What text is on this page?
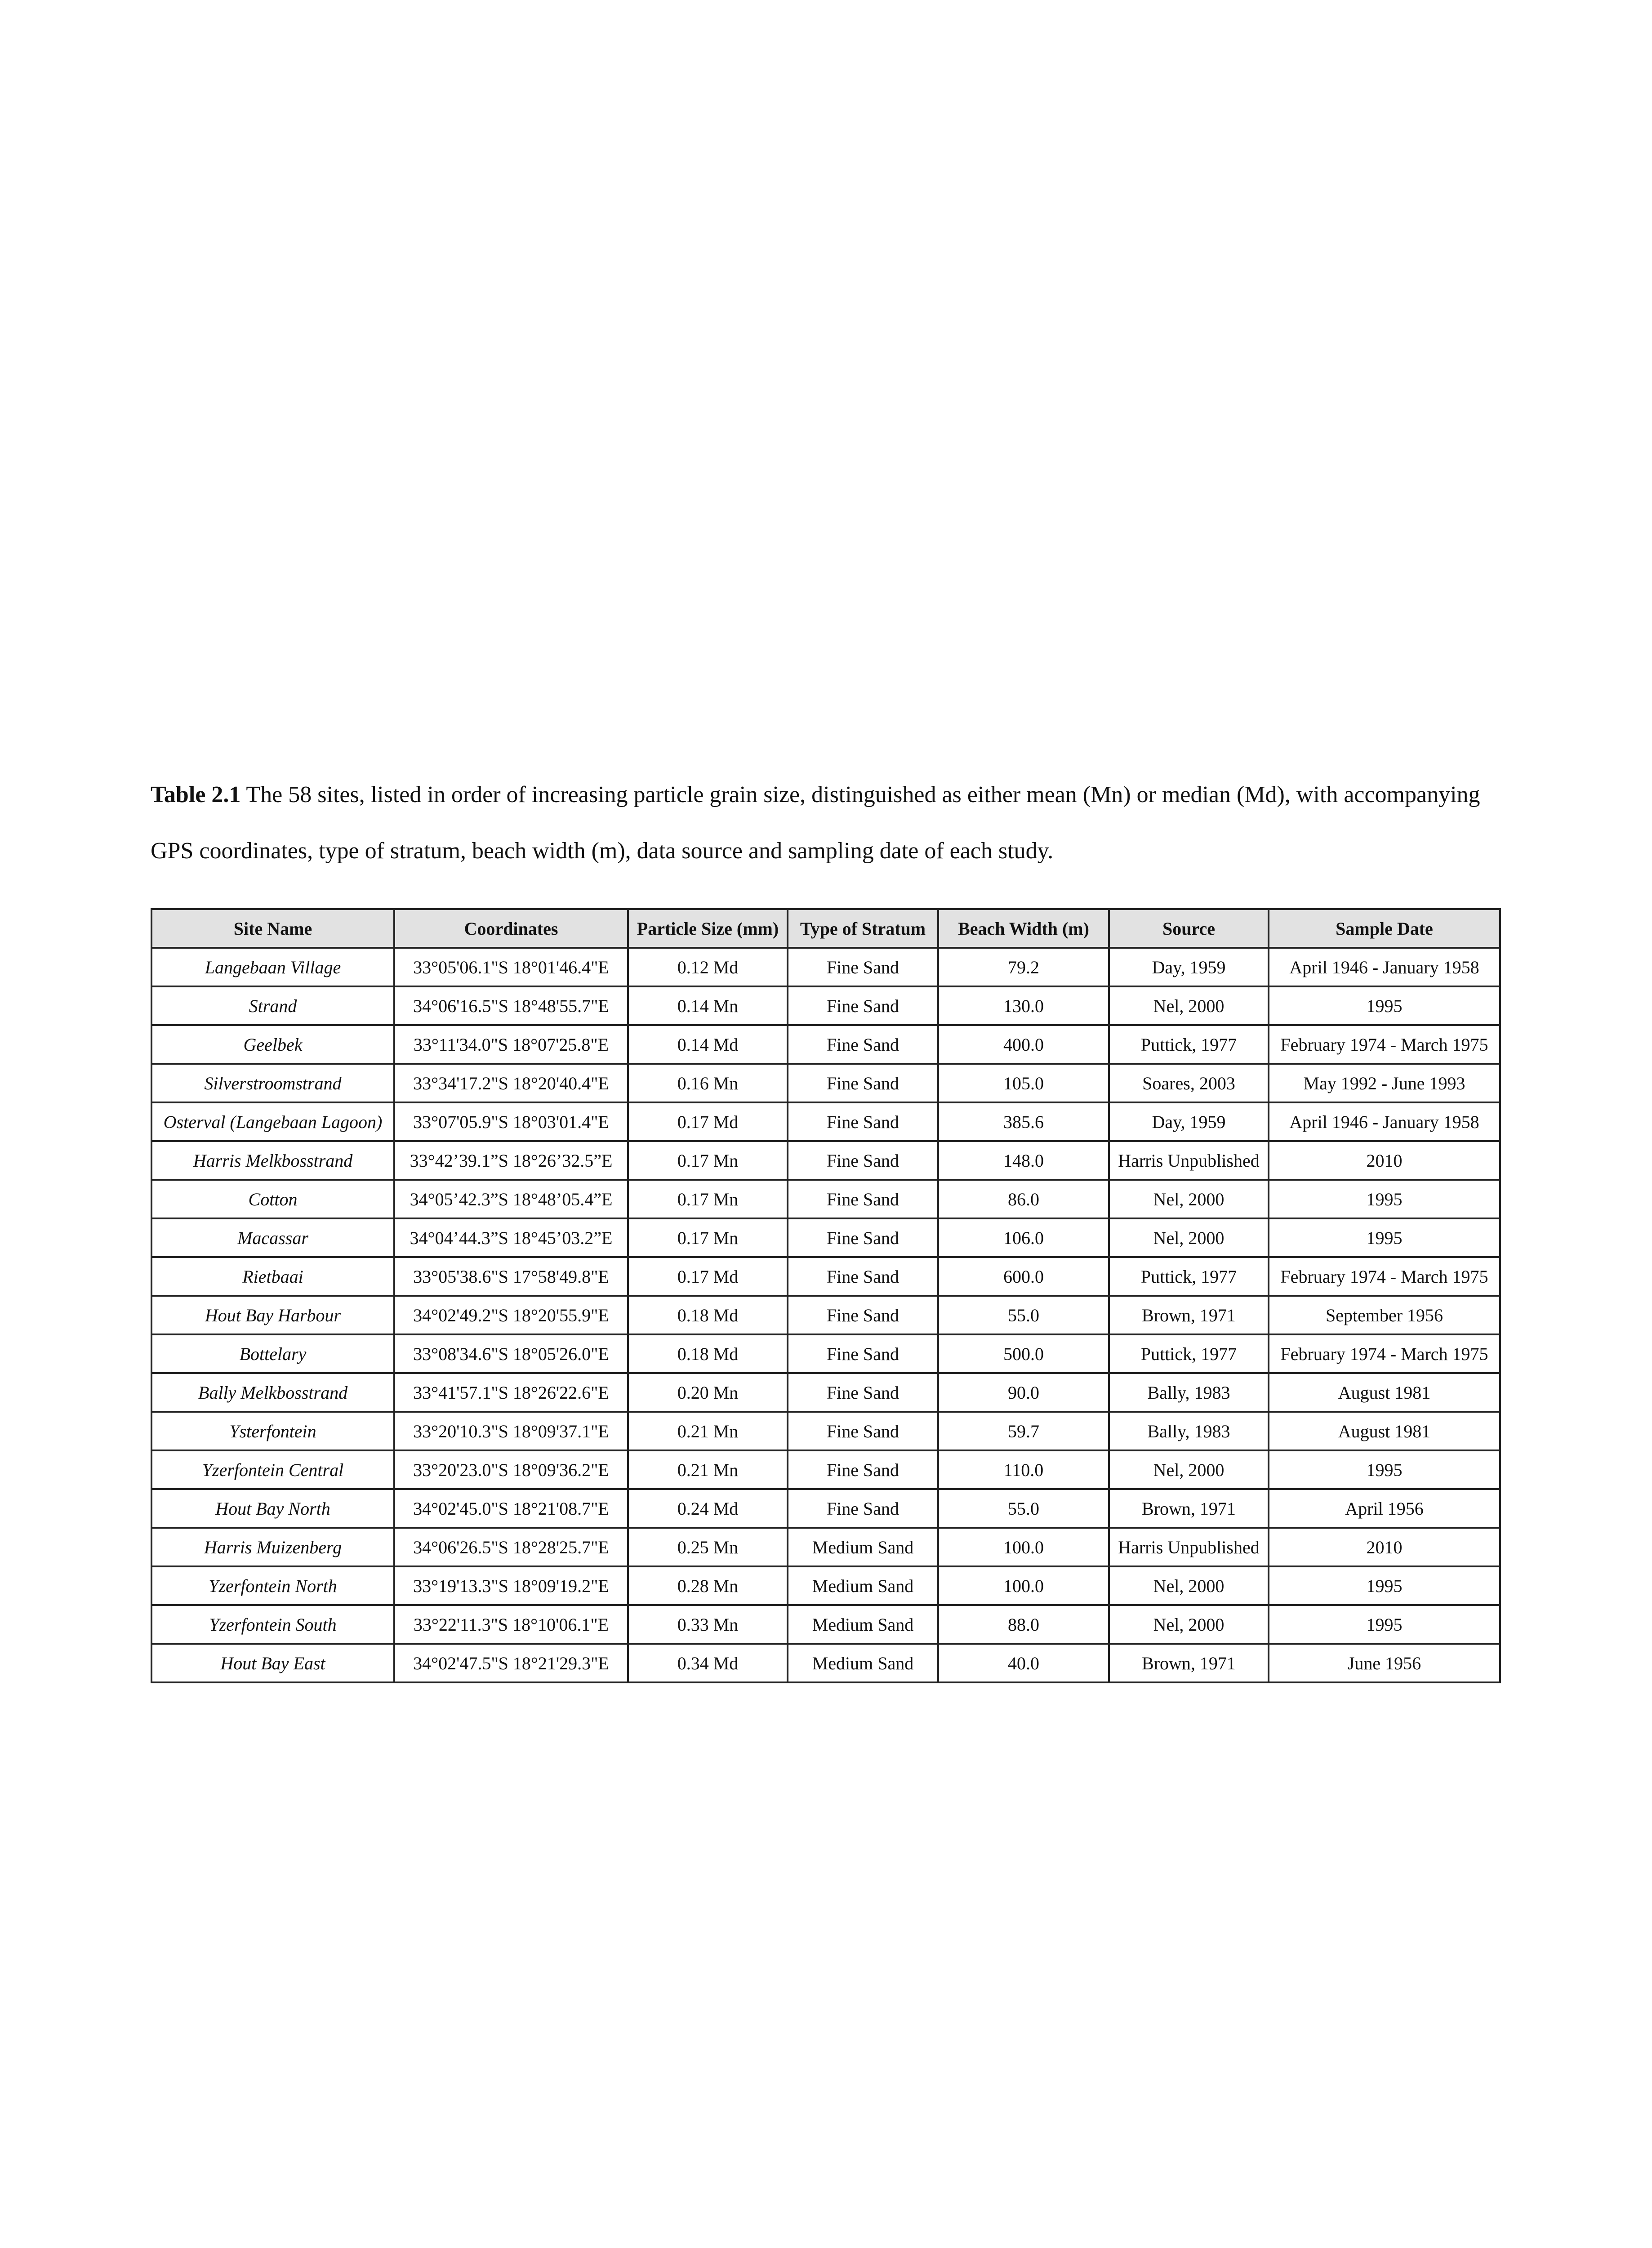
Table 2.1 The 58 sites, listed in order of increasing particle grain size, distinguished as either mean (Mn) or median (Md), with accompanying GPS coordinates, type of stratum, beach width (m), data source and sampling date of each study.

Site Name	Coordinates	Particle Size (mm)	Type of Stratum	Beach Width (m)	Source	Sample Date
Langebaan Village	33°05'06.1"S 18°01'46.4"E	0.12 Md	Fine Sand	79.2	Day, 1959	April 1946 - January 1958
Strand	34°06'16.5"S 18°48'55.7"E	0.14 Mn	Fine Sand	130.0	Nel, 2000	1995
Geelbek	33°11'34.0"S 18°07'25.8"E	0.14 Md	Fine Sand	400.0	Puttick, 1977	February 1974 - March 1975
Silverstroomstrand	33°34'17.2"S 18°20'40.4"E	0.16 Mn	Fine Sand	105.0	Soares, 2003	May 1992 - June 1993
Osterval (Langebaan Lagoon)	33°07'05.9"S 18°03'01.4"E	0.17 Md	Fine Sand	385.6	Day, 1959	April 1946 - January 1958
Harris Melkbosstrand	33°42’39.1”S 18°26’32.5”E	0.17 Mn	Fine Sand	148.0	Harris Unpublished	2010
Cotton	34°05’42.3”S 18°48’05.4”E	0.17 Mn	Fine Sand	86.0	Nel, 2000	1995
Macassar	34°04’44.3”S 18°45’03.2”E	0.17 Mn	Fine Sand	106.0	Nel, 2000	1995
Rietbaai	33°05'38.6"S 17°58'49.8"E	0.17 Md	Fine Sand	600.0	Puttick, 1977	February 1974 - March 1975
Hout Bay Harbour	34°02'49.2"S 18°20'55.9"E	0.18 Md	Fine Sand	55.0	Brown, 1971	September 1956
Bottelary	33°08'34.6"S 18°05'26.0"E	0.18 Md	Fine Sand	500.0	Puttick, 1977	February 1974 - March 1975
Bally Melkbosstrand	33°41'57.1"S 18°26'22.6"E	0.20 Mn	Fine Sand	90.0	Bally, 1983	August 1981
Ysterfontein	33°20'10.3"S 18°09'37.1"E	0.21 Mn	Fine Sand	59.7	Bally, 1983	August 1981
Yzerfontein Central	33°20'23.0"S 18°09'36.2"E	0.21 Mn	Fine Sand	110.0	Nel, 2000	1995
Hout Bay North	34°02'45.0"S 18°21'08.7"E	0.24 Md	Fine Sand	55.0	Brown, 1971	April 1956
Harris Muizenberg	34°06'26.5"S 18°28'25.7"E	0.25 Mn	Medium Sand	100.0	Harris Unpublished	2010
Yzerfontein North	33°19'13.3"S 18°09'19.2"E	0.28 Mn	Medium Sand	100.0	Nel, 2000	1995
Yzerfontein South	33°22'11.3"S 18°10'06.1"E	0.33 Mn	Medium Sand	88.0	Nel, 2000	1995
Hout Bay East	34°02'47.5"S 18°21'29.3"E	0.34 Md	Medium Sand	40.0	Brown, 1971	June 1956
